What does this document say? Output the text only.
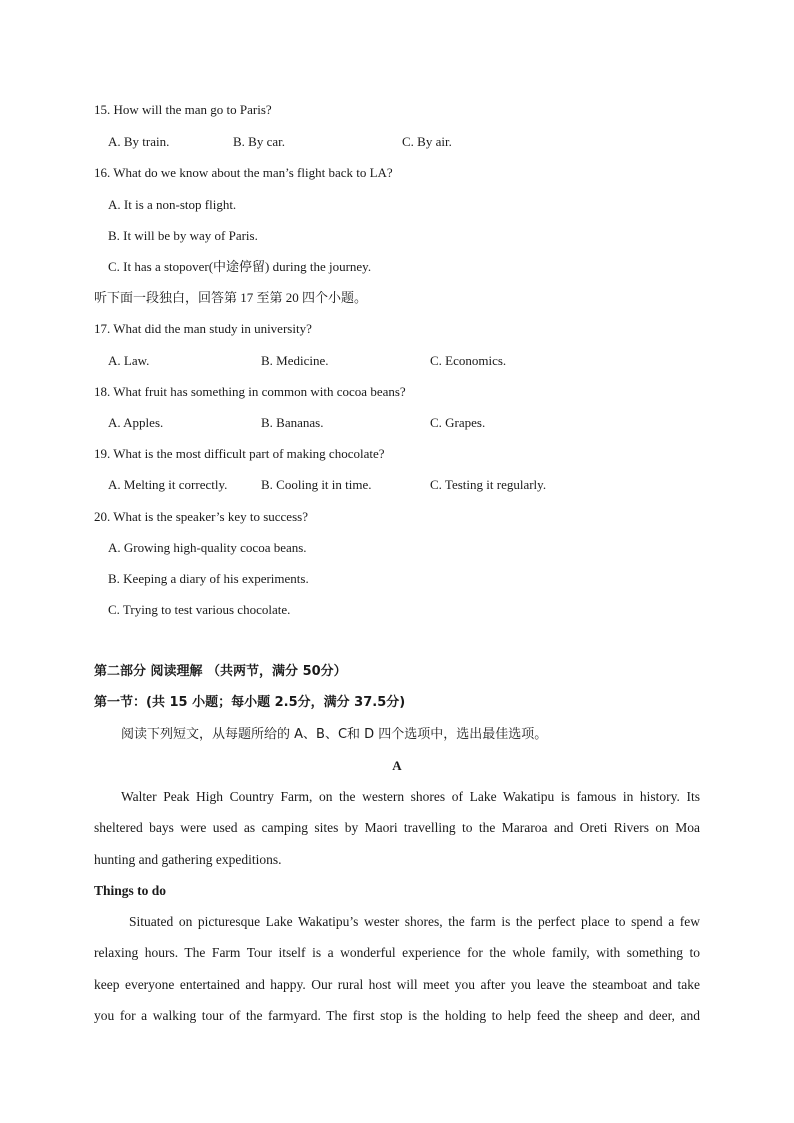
15. How will the man go to Paris?
A. By train.	B. By car.	C. By air.
16. What do we know about the man’s flight back to LA?
A. It is a non-stop flight.
B. It will be by way of Paris.
C. It has a stopover(中途停留) during the journey.
听下面一段独白，回答第 17 至第 20 四个小题。
17. What did the man study in university?
A. Law.	B. Medicine.	C. Economics.
18. What fruit has something in common with cocoa beans?
A. Apples.	B. Bananas.	C. Grapes.
19. What is the most difficult part of making chocolate?
A. Melting it correctly.	B. Cooling it in time.	C. Testing it regularly.
20. What is the speaker’s key to success?
A. Growing high-quality cocoa beans.
B. Keeping a diary of his experiments.
C. Trying to test various chocolate.
第二部分 阅读理解 （共两节，满分 50分）
第一节：(共 15 小题；每小题 2.5分，满分 37.5分)
阅读下列短文，从每题所给的 A、B、C和 D 四个选项中，选出最佳选项。
A
Walter Peak High Country Farm, on the western shores of Lake Wakatipu is famous in history. Its
sheltered bays were used as camping sites by Maori travelling to the Mararoa and Oreti Rivers on Moa
hunting and gathering expeditions.
Things to do
Situated on picturesque Lake Wakatipu’s wester shores, the farm is the perfect place to spend a few
relaxing hours. The Farm Tour itself is a wonderful experience for the whole family, with something to
keep everyone entertained and happy. Our rural host will meet you after you leave the steamboat and take
you for a walking tour of the farmyard. The first stop is the holding to help feed the sheep and deer, and
